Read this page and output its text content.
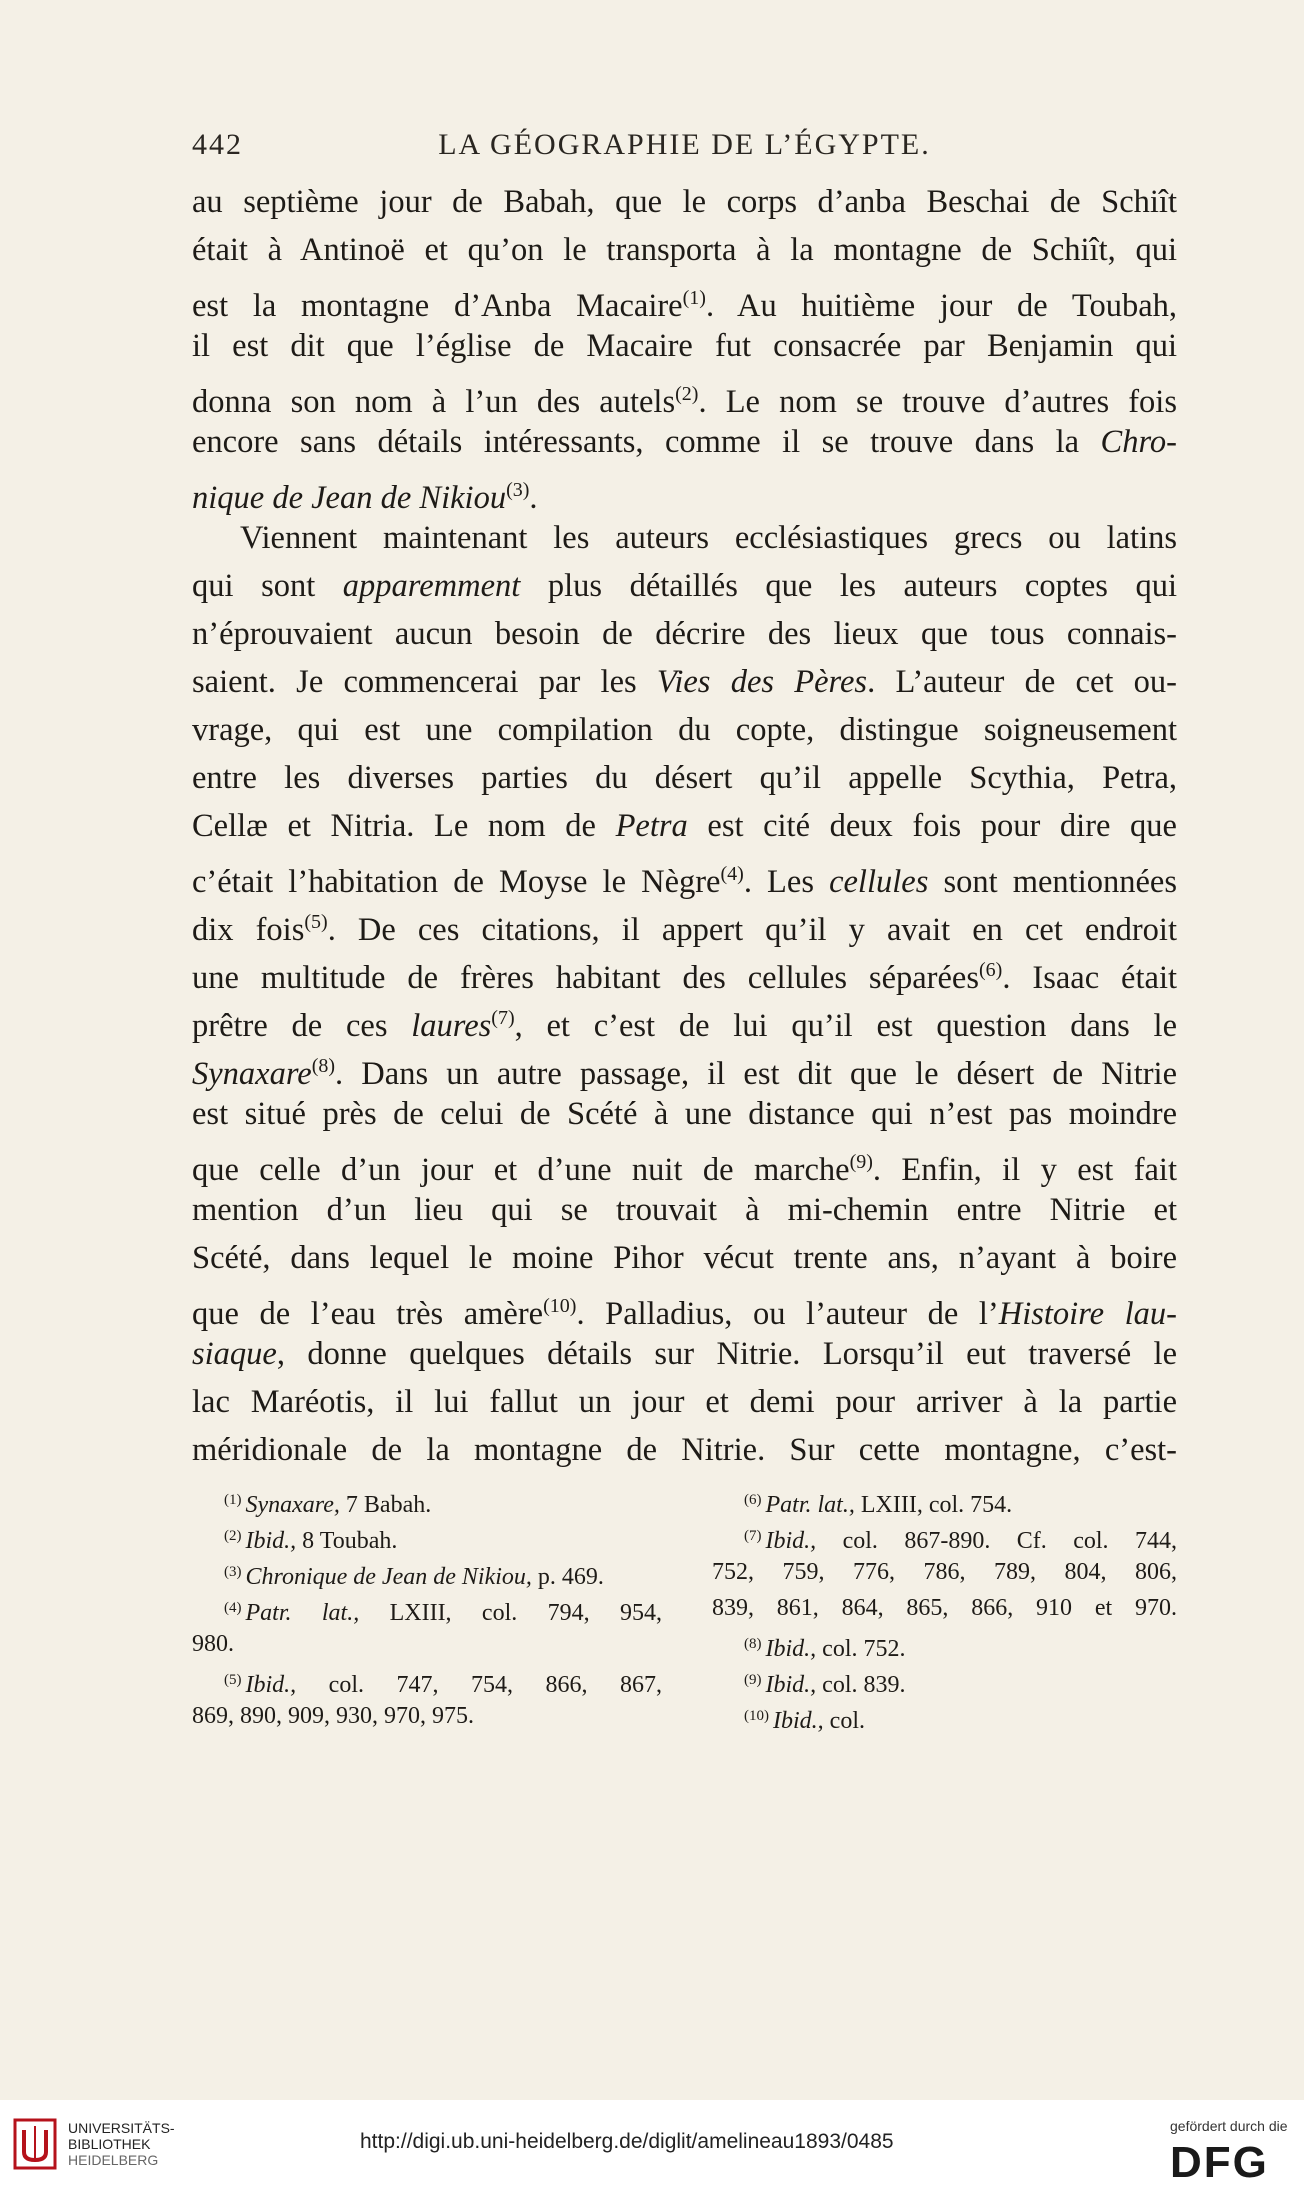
442	LA GÉOGRAPHIE DE L’ÉGYPTE.
au septième jour de Babah, que le corps d’anba Beschai de Schiît
était à Antinoë et qu’on le transporta à la montagne de Schiît, qui
est la montagne d’Anba Macaire$^{(1)}$. Au huitième jour de Toubah,
il est dit que l’église de Macaire fut consacrée par Benjamin qui
donna son nom à l’un des autels$^{(2)}$. Le nom se trouve d’autres fois
encore sans détails intéressants, comme il se trouve dans la Chro-
nique de Jean de Nikiou$^{(3)}$.
Viennent maintenant les auteurs ecclésiastiques grecs ou latins
qui sont apparemment plus détaillés que les auteurs coptes qui
n’éprouvaient aucun besoin de décrire des lieux que tous connais-
saient. Je commencerai par les Vies des Pères. L’auteur de cet ou-
vrage, qui est une compilation du copte, distingue soigneusement
entre les diverses parties du désert qu’il appelle Scythia, Petra,
Cellæ et Nitria. Le nom de Petra est cité deux fois pour dire que
c’était l’habitation de Moyse le Nègre$^{(4)}$. Les cellules sont mentionnées
dix fois$^{(5)}$. De ces citations, il appert qu’il y avait en cet endroit
une multitude de frères habitant des cellules séparées$^{(6)}$. Isaac était
prêtre de ces laures$^{(7)}$, et c’est de lui qu’il est question dans le
Synaxare$^{(8)}$. Dans un autre passage, il est dit que le désert de Nitrie
est situé près de celui de Scété à une distance qui n’est pas moindre
que celle d’un jour et d’une nuit de marche$^{(9)}$. Enfin, il y est fait
mention d’un lieu qui se trouvait à mi-chemin entre Nitrie et
Scété, dans lequel le moine Pihor vécut trente ans, n’ayant à boire
que de l’eau très amère$^{(10)}$. Palladius, ou l’auteur de l’Histoire lau-
siaque, donne quelques détails sur Nitrie. Lorsqu’il eut traversé le
lac Maréotis, il lui fallut un jour et demi pour arriver à la partie
méridionale de la montagne de Nitrie. Sur cette montagne, c’est-
$^{(1)}$ Synaxare, 7 Babah.
$^{(2)}$ Ibid., 8 Toubah.
$^{(3)}$ Chronique de Jean de Nikiou, p. 469.
$^{(4)}$ Patr. lat., LXIII, col. 794, 954,
980.
$^{(5)}$ Ibid., col. 747, 754, 866, 867,
869, 890, 909, 930, 970, 975.
$^{(6)}$ Patr. lat., LXIII, col. 754.
$^{(7)}$ Ibid., col. 867-890. Cf. col. 744,
752, 759, 776, 786, 789, 804, 806,
839, 861, 864, 865, 866, 910 et 970.
$^{(8)}$ Ibid., col. 752.
$^{(9)}$ Ibid., col. 839.
$^{(10)}$ Ibid., col.
UNIVERSITÄTS-
BIBLIOTHEK
HEIDELBERG
http://digi.ub.uni-heidelberg.de/diglit/amelineau1893/0485
gefördert durch die
DFG
